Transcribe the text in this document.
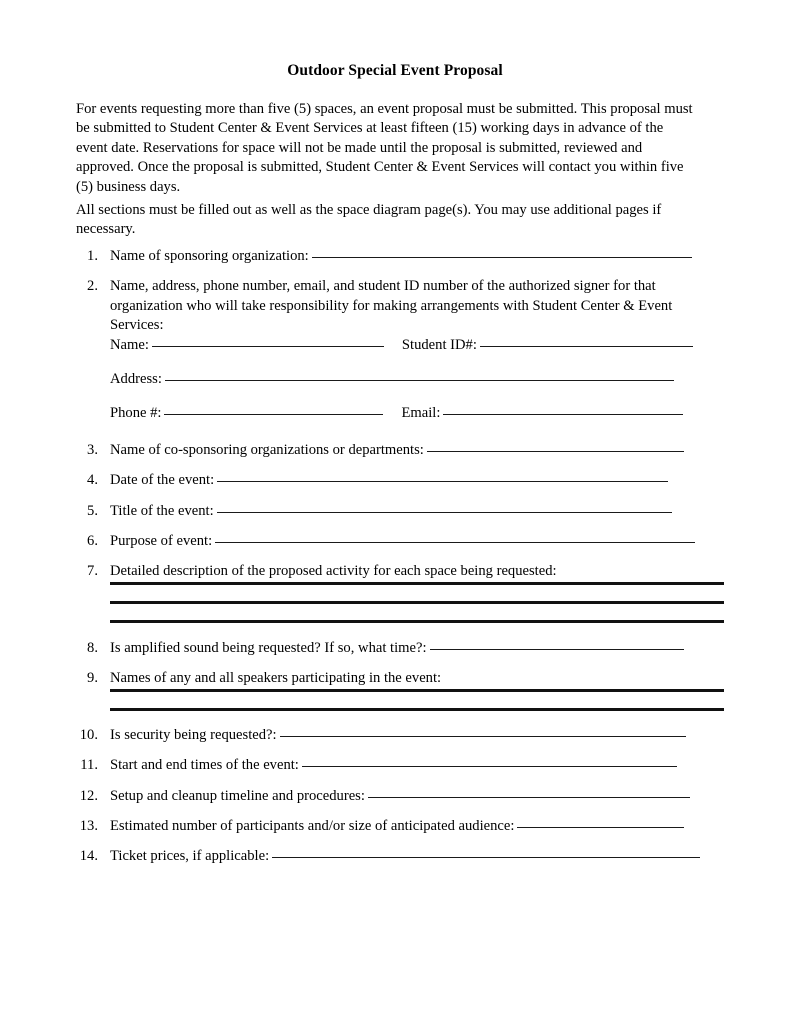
Outdoor Special Event Proposal
For events requesting more than five (5) spaces, an event proposal must be submitted. This proposal must be submitted to Student Center & Event Services at least fifteen (15) working days in advance of the event date. Reservations for space will not be made until the proposal is submitted, reviewed and approved. Once the proposal is submitted, Student Center & Event Services will contact you within five (5) business days.
All sections must be filled out as well as the space diagram page(s). You may use additional pages if necessary.
1. Name of sponsoring organization:
2. Name, address, phone number, email, and student ID number of the authorized signer for that organization who will take responsibility for making arrangements with Student Center & Event Services:
Name:	Student ID#:
Address:
Phone #:	Email:
3. Name of co-sponsoring organizations or departments:
4. Date of the event:
5. Title of the event:
6. Purpose of event:
7. Detailed description of the proposed activity for each space being requested:
8. Is amplified sound being requested? If so, what time?:
9. Names of any and all speakers participating in the event:
10. Is security being requested?:
11. Start and end times of the event:
12. Setup and cleanup timeline and procedures:
13. Estimated number of participants and/or size of anticipated audience:
14. Ticket prices, if applicable:
